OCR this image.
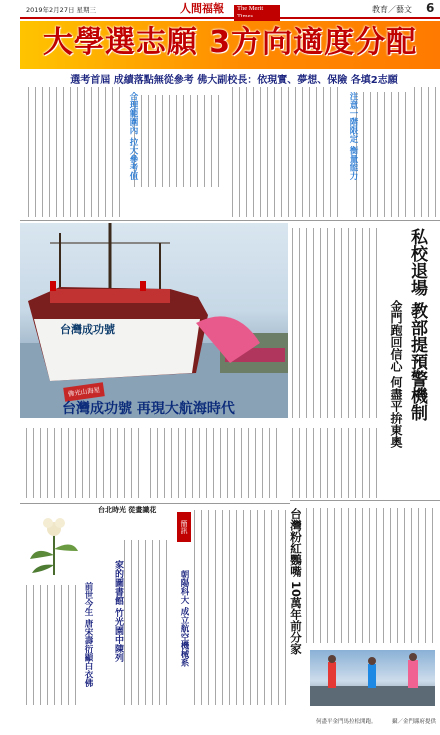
2019年2月27日 星期三	人間福報	The Merit	教育／藝文 6
大學選志願 3方向適度分配
選考首屆 成績落點無從參考 佛大副校長：依現實、夢想、保險 各填2志願
合理範圍內 拉大參考值	注意一階限定 衡量能力
台灣成功號
佛光山海星
台灣成功號 再現大航海時代	私校退場 教部提預警機制
金門跑回信心 何盡平拚東奧
台北時光 從畫識花
前世今生 唐宋壽衍顯白衣佛 家的圖書館 竹光園中陳列
簡訊
朝陽科大 成立航空機械系	台灣粉紅鸚嘴 10萬年前分家
何盡平金門馬拉松開跑。	攝／金門縣府提供
